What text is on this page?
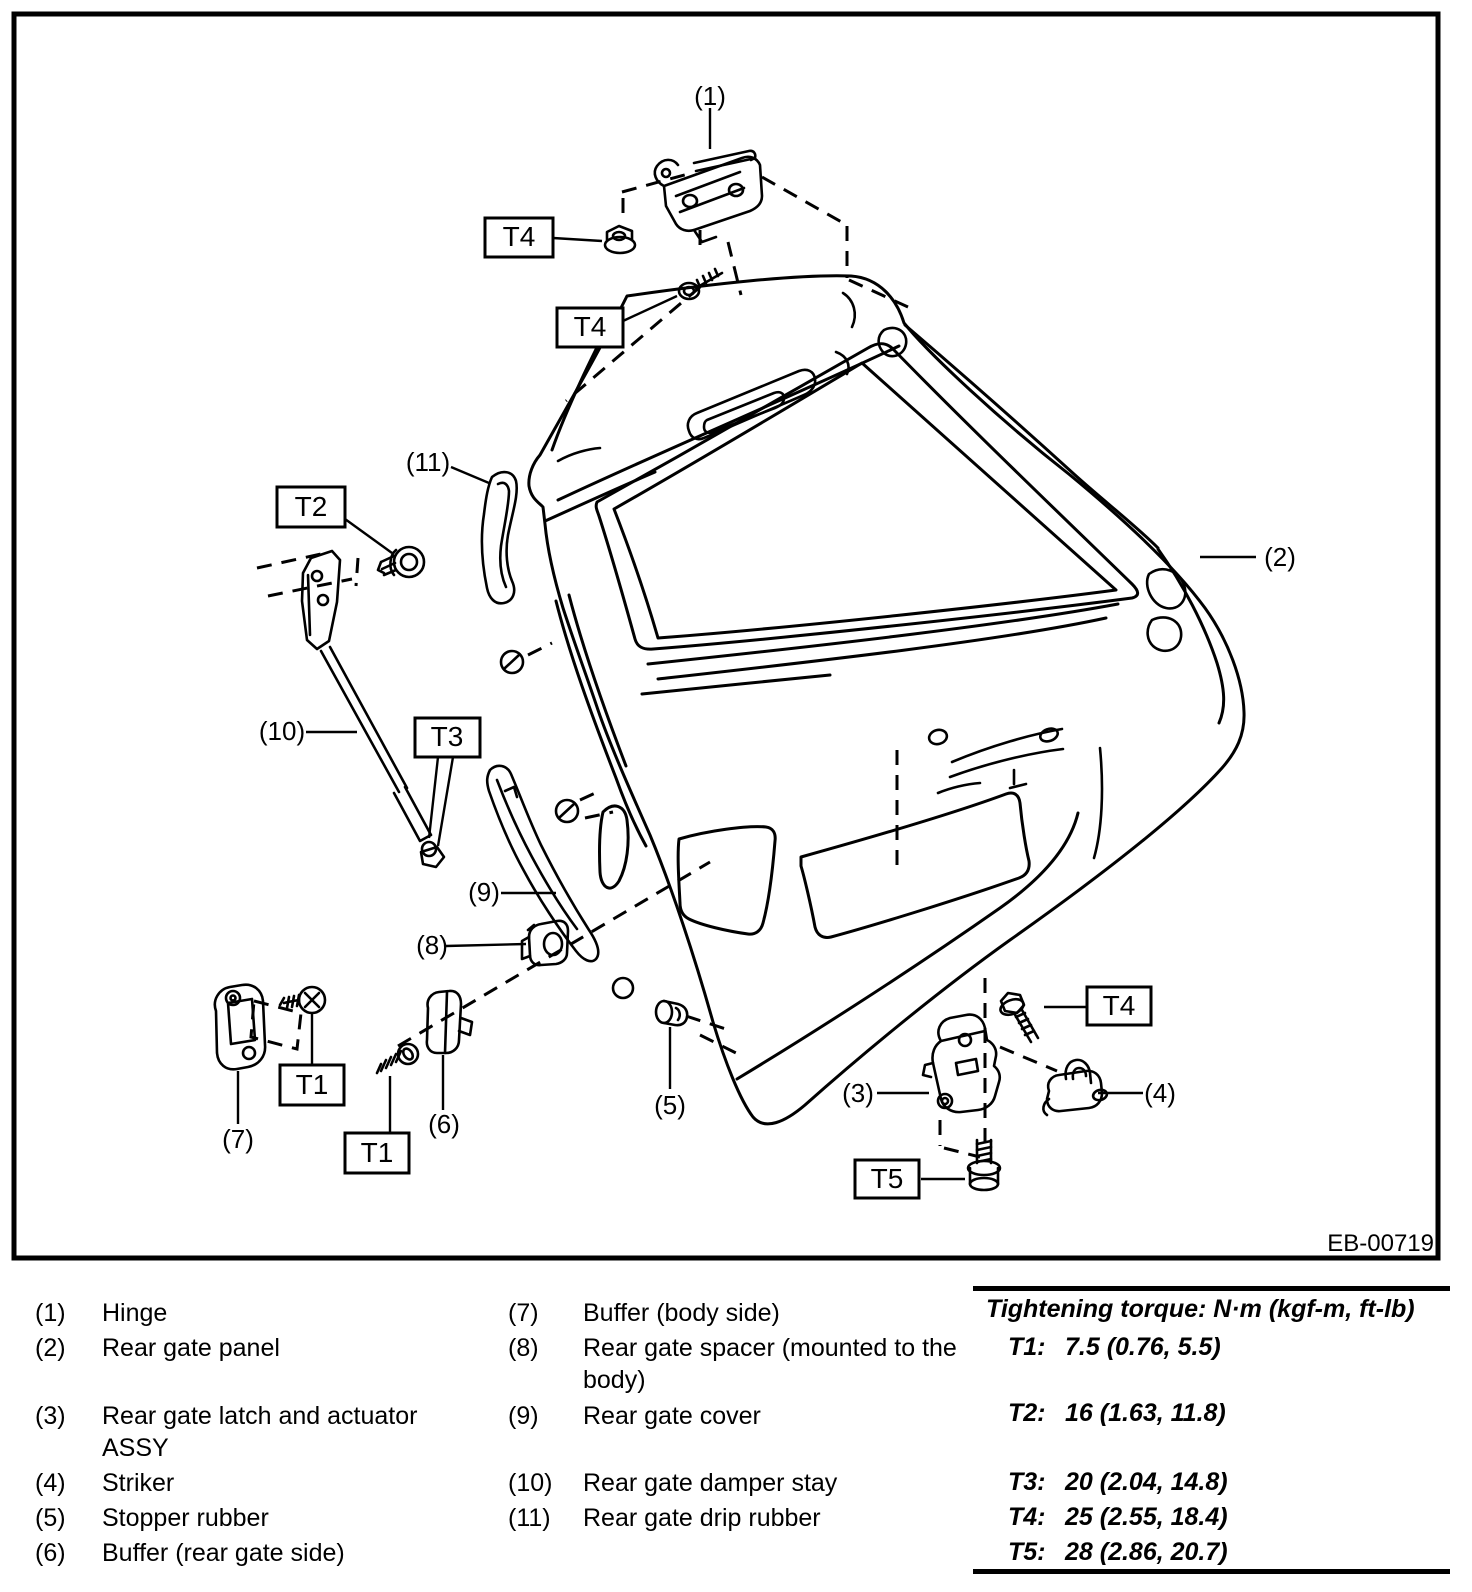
T4
T4
T2
T3
T1
T1
T4
T5
(1)
(2)
(3)	(4)
(5)
(6)
(7)
(8)
(9)
(10)
(11)
EB-00719
(1) Hinge
(2) Rear gate panel
(3) Rear gate latch and actuator ASSY
(4) Striker
(5) Stopper rubber
(6) Buffer (rear gate side)
(7) Buffer (body side)
(8) Rear gate spacer (mounted to the body)
(9) Rear gate cover
(10) Rear gate damper stay
(11) Rear gate drip rubber
Tightening torque: N·m (kgf-m, ft-lb)
T1: 7.5 (0.76, 5.5)
T2: 16 (1.63, 11.8)
T3: 20 (2.04, 14.8)
T4: 25 (2.55, 18.4)
T5: 28 (2.86, 20.7)
